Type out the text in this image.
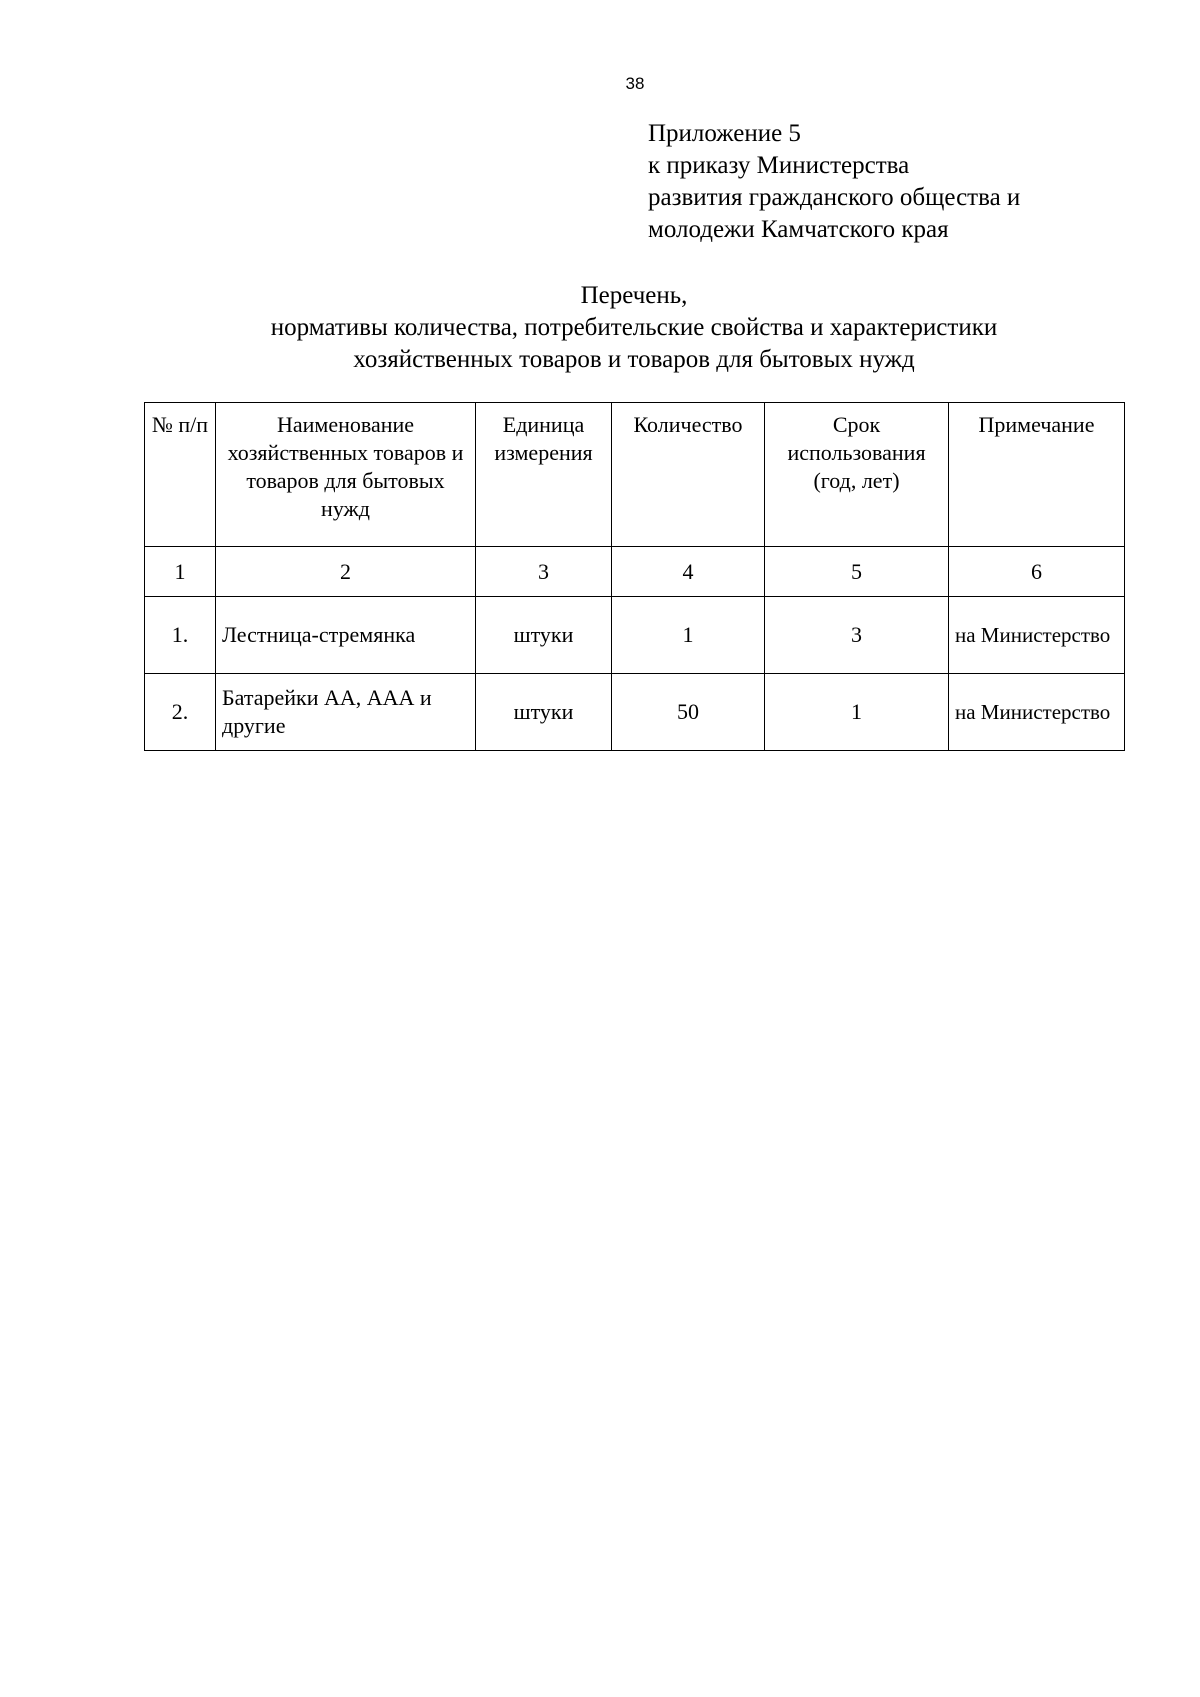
38
Приложение 5
к приказу Министерства
развития гражданского общества и
молодежи Камчатского края
Перечень,
нормативы количества, потребительские свойства и характеристики
хозяйственных товаров и товаров для бытовых нужд
№ п/п	Наименование хозяйственных товаров и товаров для бытовых нужд	Единица измерения	Количество	Срок использования (год, лет)	Примечание
1	2	3	4	5	6
1.	Лестница-стремянка	штуки	1	3	на Министерство
2.	Батарейки АА, ААА и другие	штуки	50	1	на Министерство
